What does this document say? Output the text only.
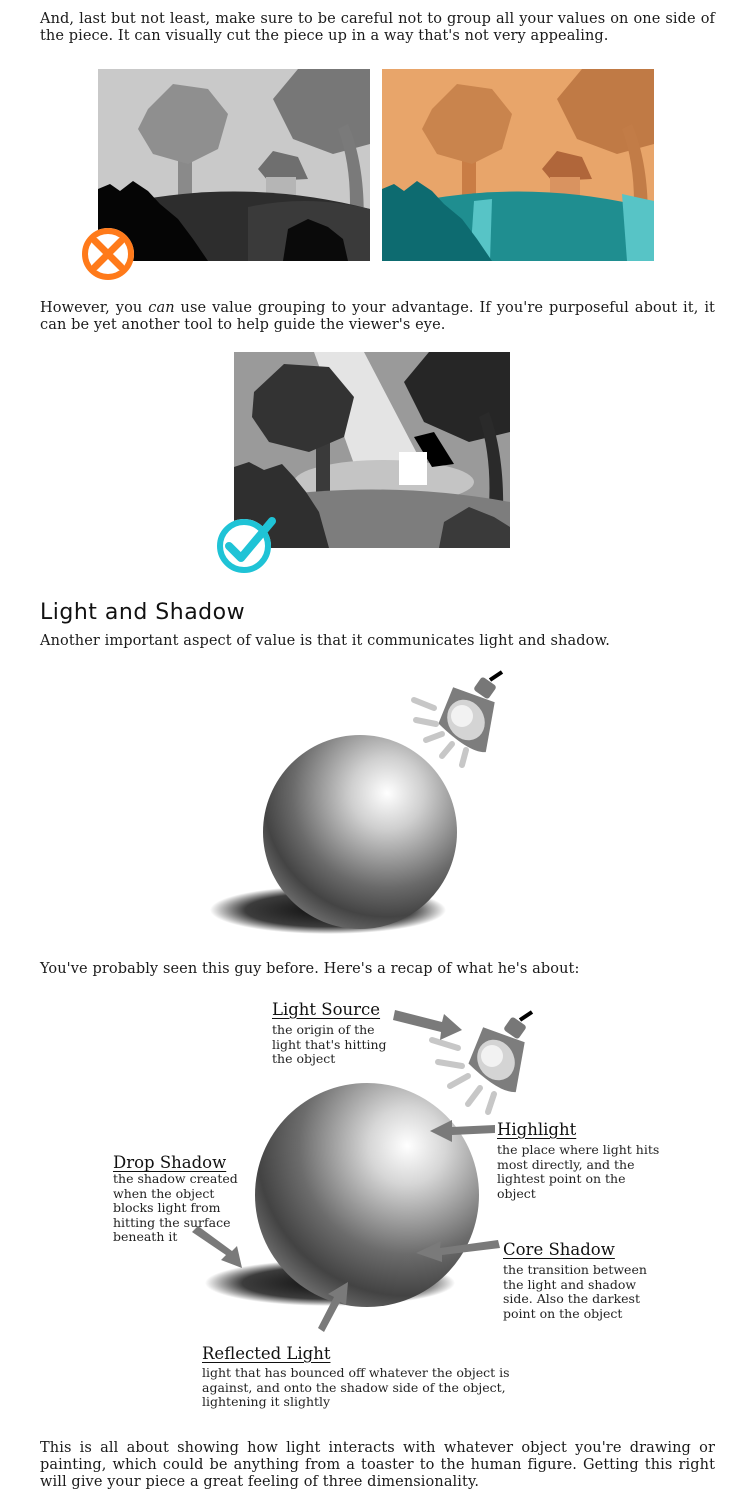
And, last but not least, make sure to be careful not to group all your values on one side of the piece. It can visually cut the piece up in a way that's not very appealing.
However, you can use value grouping to your advantage. If you're purposeful about it, it can be yet another tool to help guide the viewer's eye.
Light and Shadow
Another important aspect of value is that it communicates light and shadow.
You've probably seen this guy before. Here's a recap of what he's about:
Light Source
the origin of the light that's hitting the object
Highlight
the place where light hits most directly, and the lightest point on the object
Drop Shadow
the shadow created when the object blocks light from hitting the surface beneath it
Core Shadow
the transition between the light and shadow side. Also the darkest point on the object
Reflected Light
light that has bounced off whatever the object is against, and onto the shadow side of the object, lightening it slightly
This is all about showing how light interacts with whatever object you're drawing or painting, which could be anything from a toaster to the human figure. Getting this right will give your piece a great feeling of three dimensionality.
